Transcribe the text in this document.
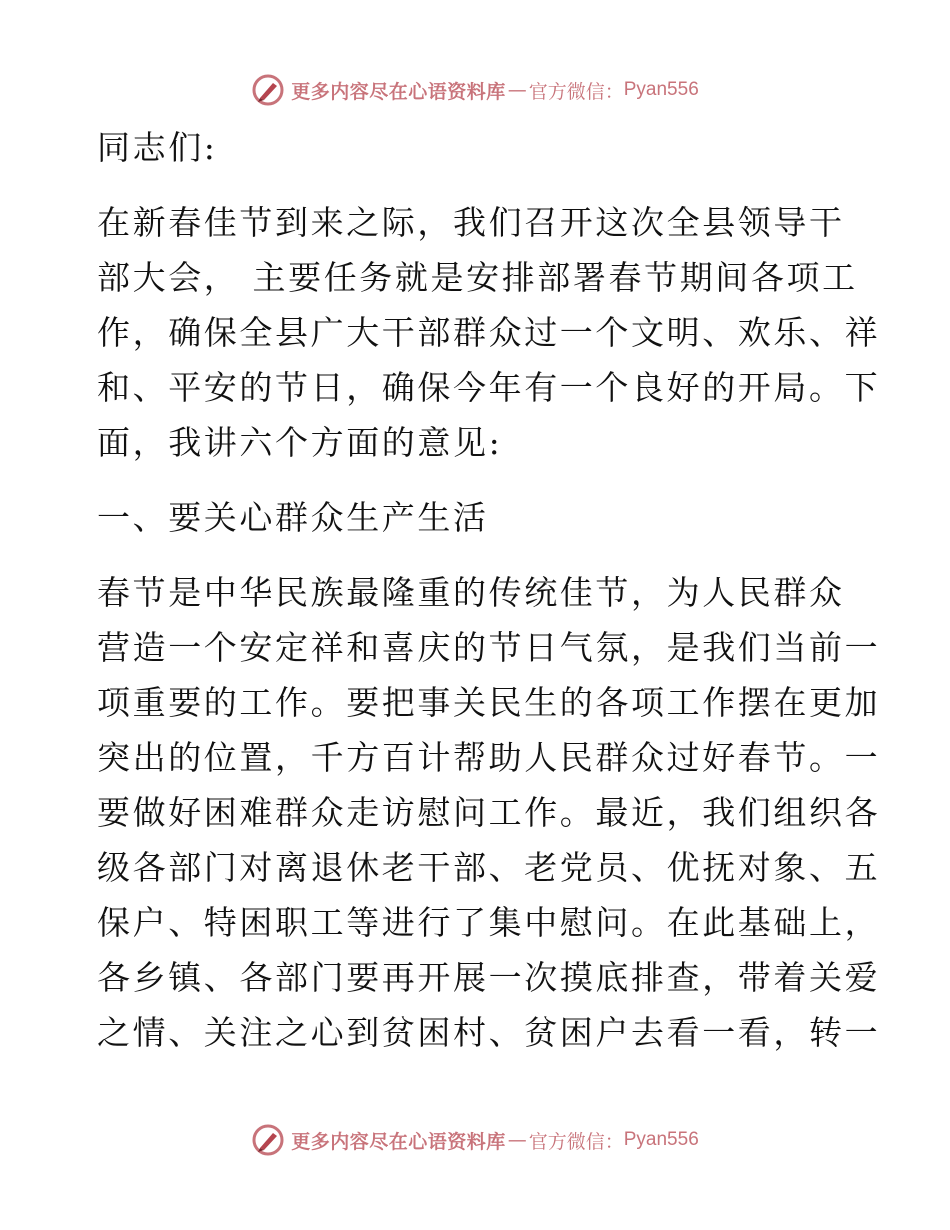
更多内容尽在心语资料库 — 官方微信： Pyan556
同志们:
在新春佳节到来之际，我们召开这次全县领导干
部大会， 主要任务就是安排部署春节期间各项工
作，确保全县广大干部群众过一个文明、欢乐、祥
和、平安的节日，确保今年有一个良好的开局。下
面，我讲六个方面的意见:
一、要关心群众生产生活
春节是中华民族最隆重的传统佳节，为人民群众
营造一个安定祥和喜庆的节日气氛，是我们当前一
项重要的工作。要把事关民生的各项工作摆在更加
突出的位置，千方百计帮助人民群众过好春节。一
要做好困难群众走访慰问工作。最近，我们组织各
级各部门对离退休老干部、老党员、优抚对象、五
保户、特困职工等进行了集中慰问。在此基础上，
各乡镇、各部门要再开展一次摸底排查，带着关爱
之情、关注之心到贫困村、贫困户去看一看，转一
更多内容尽在心语资料库 — 官方微信： Pyan556
